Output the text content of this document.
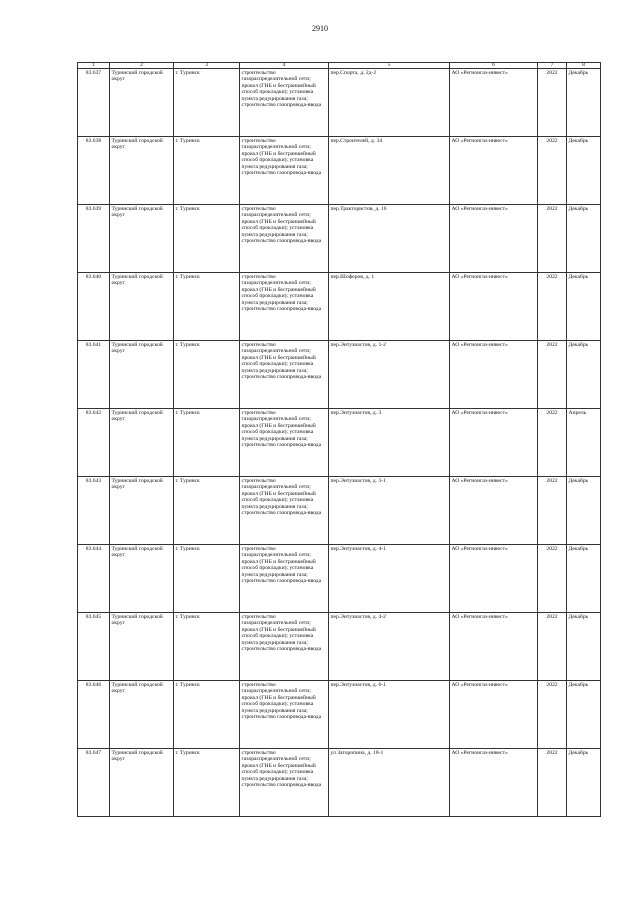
2910
1	2	3	4	5	6	7	8
83.637	Туринский городской округ	г. Туринск	строительство газораспределительной сети; прокол (ГНБ и бестраншейный способ прокладки); установка пункта редуцирования газа; строительство газопровода-ввода	пер.Спорта, д. 2д-2	АО «Регионгаз-инвест»	2022	Декабрь
83.638	Туринский городской округ	г. Туринск	строительство газораспределительной сети; прокол (ГНБ и бестраншейный способ прокладки); установка пункта редуцирования газа; строительство газопровода-ввода	пер.Строителей, д. 34	АО «Регионгаз-инвест»	2022	Декабрь
83.639	Туринский городской округ	г. Туринск	строительство газораспределительной сети; прокол (ГНБ и бестраншейный способ прокладки); установка пункта редуцирования газа; строительство газопровода-ввода	пер.Трактористов, д. 16	АО «Регионгаз-инвест»	2022	Декабрь
83.640	Туринский городской округ	г. Туринск	строительство газораспределительной сети; прокол (ГНБ и бестраншейный способ прокладки); установка пункта редуцирования газа; строительство газопровода-ввода	пер.Шоферов, д. 1	АО «Регионгаз-инвест»	2022	Декабрь
83.641	Туринский городской округ	г. Туринск	строительство газораспределительной сети; прокол (ГНБ и бестраншейный способ прокладки); установка пункта редуцирования газа; строительство газопровода-ввода	пер.Энтузиастов, д. 1-2	АО «Регионгаз-инвест»	2022	Декабрь
83.642	Туринский городской округ	г. Туринск	строительство газораспределительной сети; прокол (ГНБ и бестраншейный способ прокладки); установка пункта редуцирования газа; строительство газопровода-ввода	пер.Энтузиастов, д. 3	АО «Регионгаз-инвест»	2022	Апрель
83.643	Туринский городской округ	г. Туринск	строительство газораспределительной сети; прокол (ГНБ и бестраншейный способ прокладки); установка пункта редуцирования газа; строительство газопровода-ввода	пер.Энтузиастов, д. 3-1	АО «Регионгаз-инвест»	2022	Декабрь
83.644	Туринский городской округ	г. Туринск	строительство газораспределительной сети; прокол (ГНБ и бестраншейный способ прокладки); установка пункта редуцирования газа; строительство газопровода-ввода	пер.Энтузиастов, д. 4-1	АО «Регионгаз-инвест»	2022	Декабрь
83.645	Туринский городской округ	г. Туринск	строительство газораспределительной сети; прокол (ГНБ и бестраншейный способ прокладки); установка пункта редуцирования газа; строительство газопровода-ввода	пер.Энтузиастов, д. 4-2	АО «Регионгаз-инвест»	2022	Декабрь
83.646	Туринский городской округ	г. Туринск	строительство газораспределительной сети; прокол (ГНБ и бестраншейный способ прокладки); установка пункта редуцирования газа; строительство газопровода-ввода	пер.Энтузиастов, д. 6-1	АО «Регионгаз-инвест»	2022	Декабрь
83.647	Туринский городской округ	г. Туринск	строительство газораспределительной сети; прокол (ГНБ и бестраншейный способ прокладки); установка пункта редуцирования газа; строительство газопровода-ввода	ул Заторопина, д. 18-1	АО «Регионгаз-инвест»	2022	Декабрь
